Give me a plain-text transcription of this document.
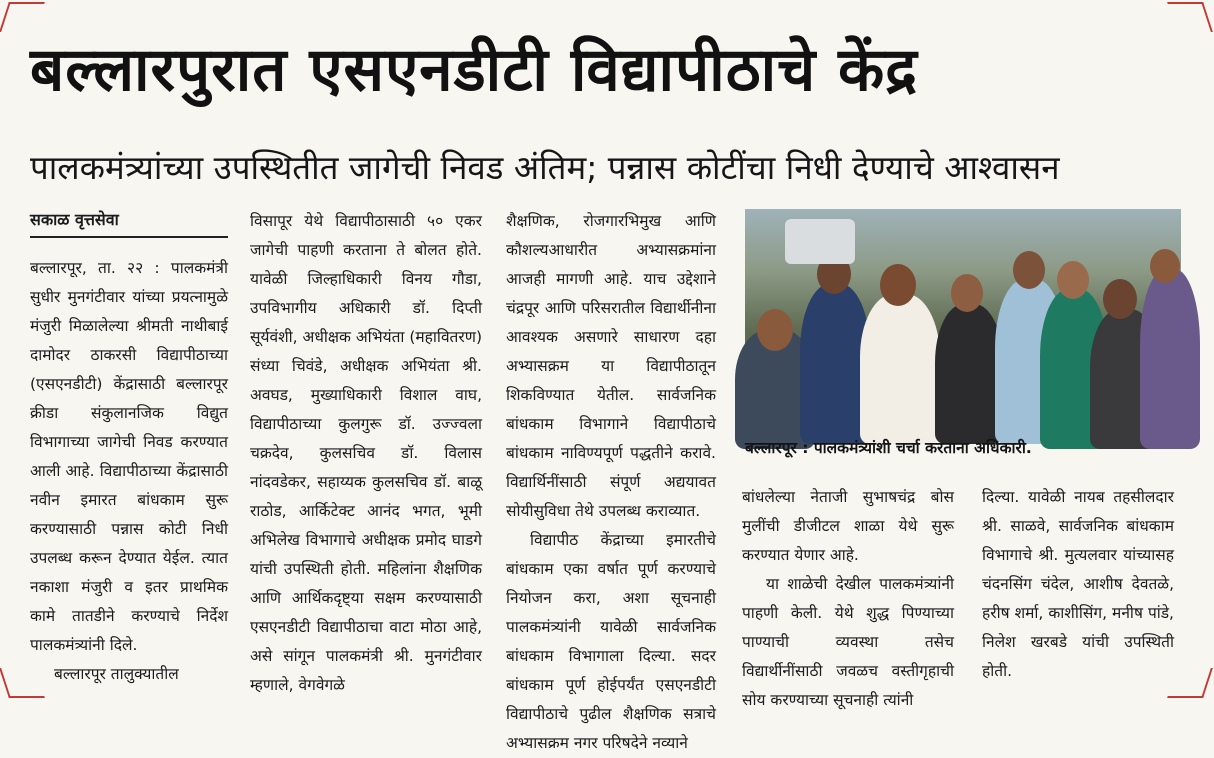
बल्लारपुरात एसएनडीटी विद्यापीठाचे केंद्र
पालकमंत्र्यांच्या उपस्थितीत जागेची निवड अंतिम; पन्नास कोटींचा निधी देण्याचे आश्वासन
सकाळ वृत्तसेवा

बल्लारपूर, ता. २२ : पालकमंत्री सुधीर मुनगंटीवार यांच्या प्रयत्नामुळे मंजुरी मिळालेल्या श्रीमती नाथीबाई दामोदर ठाकरसी विद्यापीठाच्या (एसएनडीटी) केंद्रासाठी बल्लारपूर क्रीडा संकुलानजिक विद्युत विभागाच्या जागेची निवड करण्यात आली आहे. विद्यापीठाच्या केंद्रासाठी नवीन इमारत बांधकाम सुरू करण्यासाठी पन्नास कोटी निधी उपलब्ध करून देण्यात येईल. त्यात नकाशा मंजुरी व इतर प्राथमिक कामे तातडीने करण्याचे निर्देश पालकमंत्र्यांनी दिले.

बल्लारपूर तालुक्यातील

विसापूर येथे विद्यापीठासाठी ५० एकर जागेची पाहणी करताना ते बोलत होते. यावेळी जिल्हाधिकारी विनय गौडा, उपविभागीय अधिकारी डॉ. दिप्ती सूर्यवंशी, अधीक्षक अभियंता (महावितरण) संध्या चिवंडे, अधीक्षक अभियंता श्री. अवघड, मुख्याधिकारी विशाल वाघ, विद्यापीठाच्या कुलगुरू डॉ. उज्ज्वला चक्रदेव, कुलसचिव डॉ. विलास नांदवडेकर, सहाय्यक कुलसचिव डॉ. बाळू राठोड, आर्किटेक्ट आनंद भगत, भूमी अभिलेख विभागाचे अधीक्षक प्रमोद घाडगे यांची उपस्थिती होती. महिलांना शैक्षणिक आणि आर्थिकदृष्ट्या सक्षम करण्यासाठी एसएनडीटी विद्यापीठाचा वाटा मोठा आहे, असे सांगून पालकमंत्री श्री. मुनगंटीवार म्हणाले, वेगवेगळे

शैक्षणिक, रोजगारभिमुख आणि कौशल्यआधारीत अभ्यासक्रमांना आजही मागणी आहे. याच उद्देशाने चंद्रपूर आणि परिसरातील विद्यार्थीनीना आवश्यक असणारे साधारण दहा अभ्यासक्रम या विद्यापीठातून शिकविण्यात येतील. सार्वजनिक बांधकाम विभागाने विद्यापीठाचे बांधकाम नाविण्यपूर्ण पद्धतीने करावे. विद्यार्थिनींसाठी संपूर्ण अद्ययावत सोयीसुविधा तेथे उपलब्ध कराव्यात.

विद्यापीठ केंद्राच्या इमारतीचे बांधकाम एका वर्षात पूर्ण करण्याचे नियोजन करा, अशा सूचनाही पालकमंत्र्यांनी यावेळी सार्वजनिक बांधकाम विभागाला दिल्या. सदर बांधकाम पूर्ण होईपर्यंत एसएनडीटी विद्यापीठाचे पुढील शैक्षणिक सत्राचे अभ्यासक्रम नगर परिषदेने नव्याने

बल्लारपूर : पालकमंत्र्यांशी चर्चा करताना अधिकारी.

बांधलेल्या नेताजी सुभाषचंद्र बोस मुलींची डीजीटल शाळा येथे सुरू करण्यात येणार आहे.

या शाळेची देखील पालकमंत्र्यांनी पाहणी केली. येथे शुद्ध पिण्याच्या पाण्याची व्यवस्था तसेच विद्यार्थीनींसाठी जवळच वस्तीगृहाची सोय करण्याच्या सूचनाही त्यांनी

दिल्या. यावेळी नायब तहसीलदार श्री. साळवे, सार्वजनिक बांधकाम विभागाचे श्री. मुत्यलवार यांच्यासह चंदनसिंग चंदेल, आशीष देवतळे, हरीष शर्मा, काशीसिंग, मनीष पांडे, निलेश खरबडे यांची उपस्थिती होती.
